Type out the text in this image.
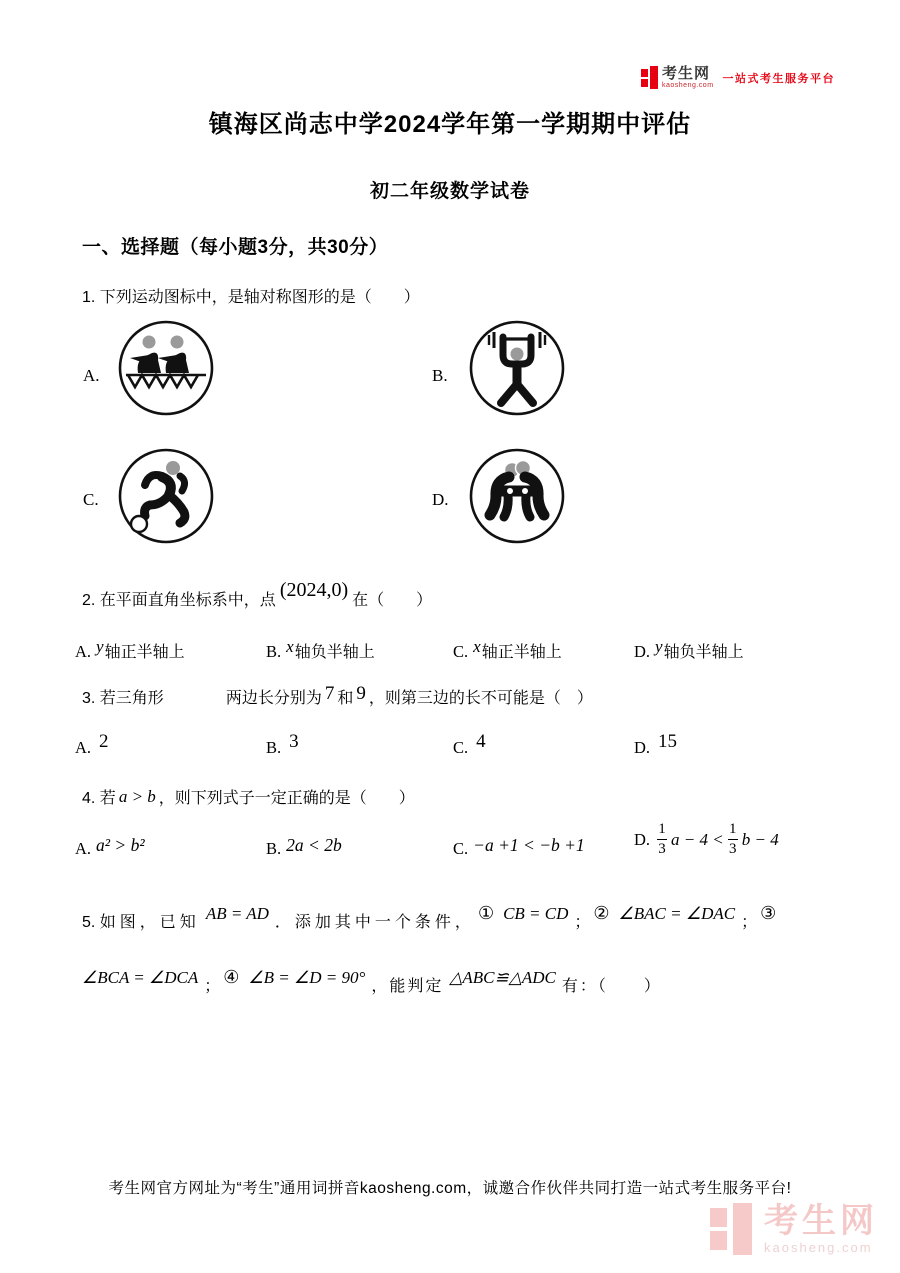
考生网
kaosheng.com
一站式考生服务平台
镇海区尚志中学2024学年第一学期期中评估
初二年级数学试卷
一、选择题（每小题3分，共30分）

1. 下列运动图标中，是轴对称图形的是（　　）

A.	B.
C.	D.

2. 在平面直角坐标系中，点 (2024,0) 在（　　）

A. y轴正半轴上	B. x轴负半轴上	C. x轴正半轴上	D. y轴负半轴上

3. 若三角形	两边长分别为 7 和 9 ，则第三边的长不可能是（　）

A. 2	B. 3	C. 4	D. 15

4. 若 a > b ，则下列式子一定正确的是（　　）

A. a² > b²	B. 2a < 2b	C. −a +1 < −b +1	D. $\frac{1}{3}$ $a - 4 < \frac{1}{3}$ b − 4

5. 如图，已知 AB = AD ．添加其中一个条件， ① CB = CD ； ② ∠BAC = ∠DAC ； ③

∠BCA = ∠DCA ； ④ ∠B = ∠D = 90° ，能判定 △ABC≌△ADC 有：（　　）

考生网官方网址为“考生”通用词拼音kaosheng.com，诚邀合作伙伴共同打造一站式考生服务平台!

考生网
kaosheng.com
